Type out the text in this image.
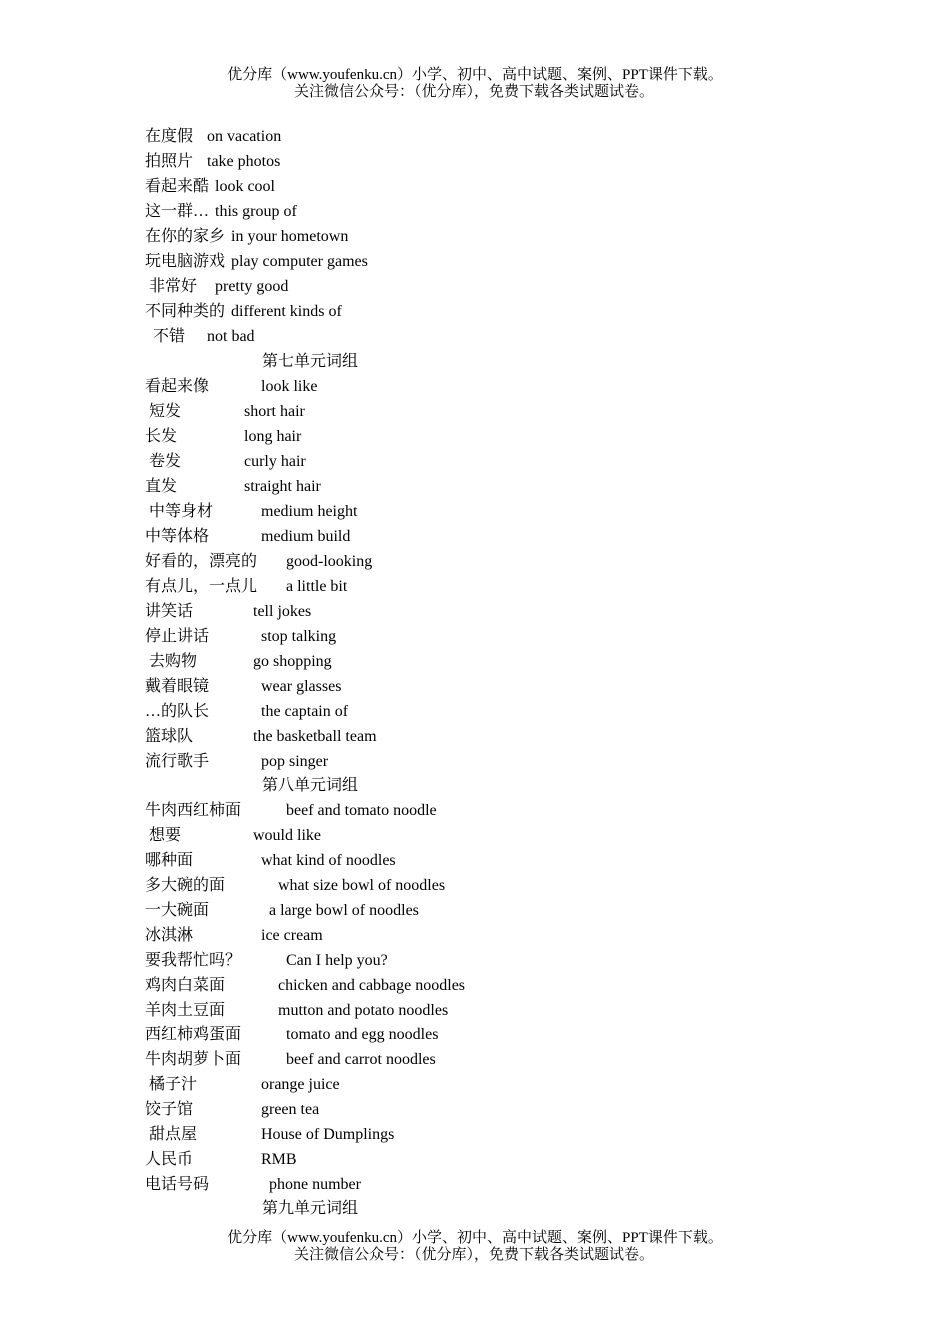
优分库（www.youfenku.cn）小学、初中、高中试题、案例、PPT课件下载。
关注微信公众号：（优分库），免费下载各类试题试卷。
在度假 on vacation
拍照片 take photos
看起来酷 look cool
这一群… this group of
在你的家乡 in your hometown
玩电脑游戏 play computer games
非常好 pretty good
不同种类的 different kinds of
不错 not bad
第七单元词组
看起来像	look like
短发	short hair
长发	long hair
卷发	curly hair
直发	straight hair
中等身材	medium height
中等体格	medium build
好看的，漂亮的 good-looking
有点儿，一点儿 a little bit
讲笑话	tell jokes
停止讲话	stop talking
去购物	go shopping
戴着眼镜	wear glasses
…的队长	the captain of
篮球队	the basketball team
流行歌手	pop singer
第八单元词组
牛肉西红柿面	beef and tomato noodle
想要	would like
哪种面	what kind of noodles
多大碗的面	what size bowl of noodles
一大碗面	a large bowl of noodles
冰淇淋	ice cream
要我帮忙吗？	Can I help you?
鸡肉白菜面	chicken and cabbage noodles
羊肉土豆面	mutton and potato noodles
西红柿鸡蛋面	tomato and egg noodles
牛肉胡萝卜面	beef and carrot noodles
橘子汁	orange juice
饺子馆	green tea
甜点屋	House of Dumplings
人民币	RMB
电话号码	phone number
第九单元词组
优分库（www.youfenku.cn）小学、初中、高中试题、案例、PPT课件下载。
关注微信公众号：（优分库），免费下载各类试题试卷。
